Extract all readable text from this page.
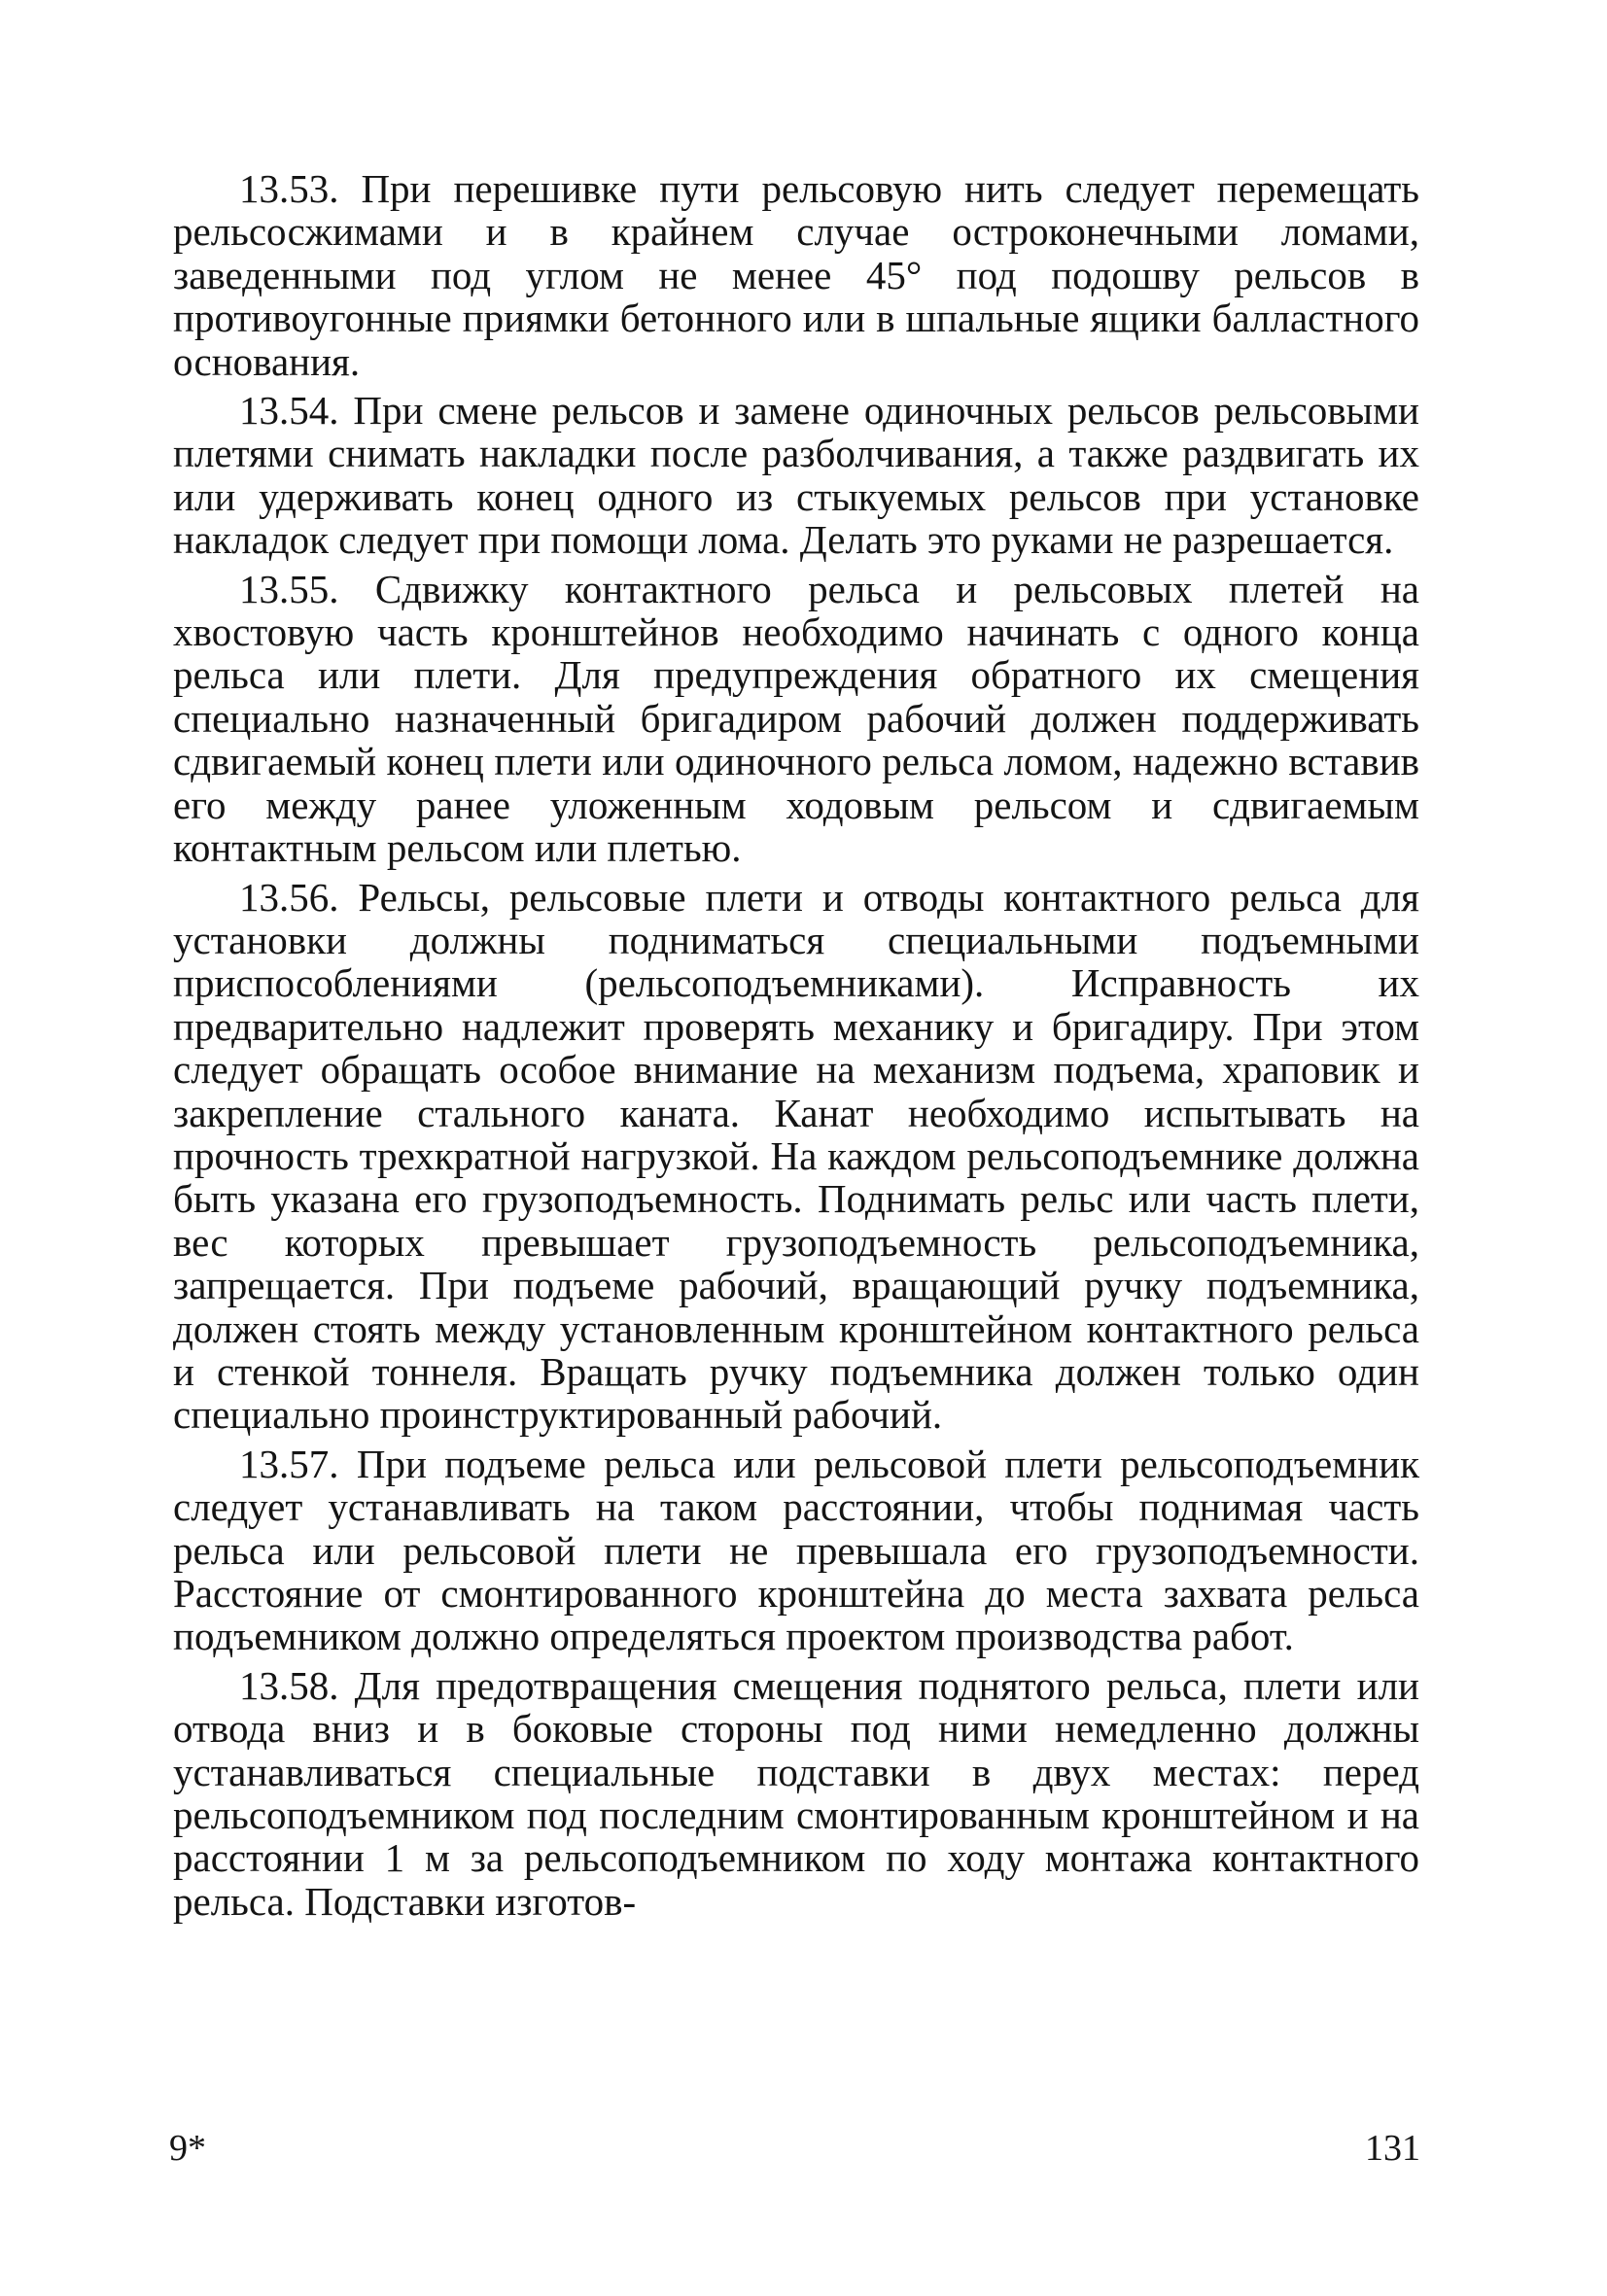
13.53. При перешивке пути рельсовую нить следует перемещать рельсосжимами и в крайнем случае остроконечными ломами, заведенными под углом не менее 45° под подошву рельсов в противоугонные приямки бетонного или в шпальные ящики балластного основания.

13.54. При смене рельсов и замене одиночных рельсов рельсовыми плетями снимать накладки после разболчивания, а также раздвигать их или удерживать конец одного из стыкуемых рельсов при установке накладок следует при помощи лома. Делать это руками не разрешается.

13.55. Сдвижку контактного рельса и рельсовых плетей на хвостовую часть кронштейнов необходимо начинать с одного конца рельса или плети. Для предупреждения обратного их смещения специально назначенный бригадиром рабочий должен поддерживать сдвигаемый конец плети или одиночного рельса ломом, надежно вставив его между ранее уложенным ходовым рельсом и сдвигаемым контактным рельсом или плетью.

13.56. Рельсы, рельсовые плети и отводы контактного рельса для установки должны подниматься специальными подъемными приспособлениями (рельсоподъемниками). Исправность их предварительно надлежит проверять механику и бригадиру. При этом следует обращать особое внимание на механизм подъема, храповик и закрепление стального каната. Канат необходимо испытывать на прочность трехкратной нагрузкой. На каждом рельсоподъемнике должна быть указана его грузоподъемность. Поднимать рельс или часть плети, вес которых превышает грузоподъемность рельсоподъемника, запрещается. При подъеме рабочий, вращающий ручку подъемника, должен стоять между установленным кронштейном контактного рельса и стенкой тоннеля. Вращать ручку подъемника должен только один специально проинструктированный рабочий.

13.57. При подъеме рельса или рельсовой плети рельсоподъемник следует устанавливать на таком расстоянии, чтобы поднимая часть рельса или рельсовой плети не превышала его грузоподъемности. Расстояние от смонтированного кронштейна до места захвата рельса подъемником должно определяться проектом производства работ.

13.58. Для предотвращения смещения поднятого рельса, плети или отвода вниз и в боковые стороны под ними немедленно должны устанавливаться специальные подставки в двух местах: перед рельсоподъемником под последним смонтированным кронштейном и на расстоянии 1 м за рельсоподъемником по ходу монтажа контактного рельса. Подставки изготов-

9*	131
